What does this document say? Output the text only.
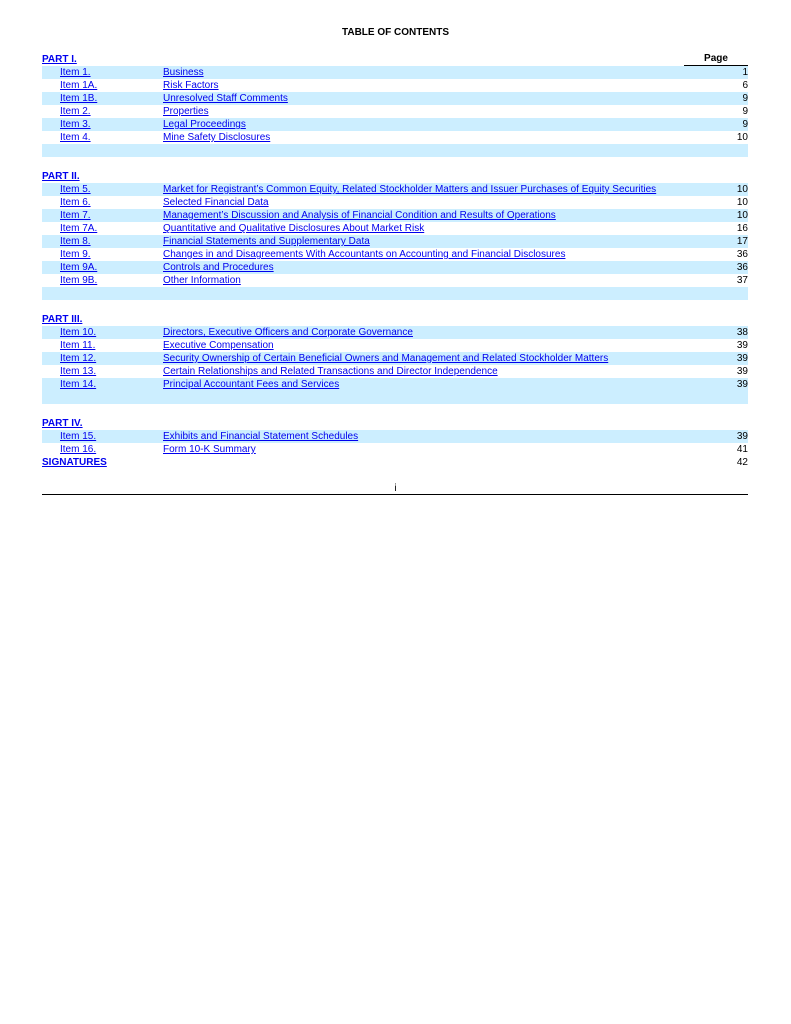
TABLE OF CONTENTS
Page
PART I.
Item 1.	Business	1
Item 1A.	Risk Factors	6
Item 1B.	Unresolved Staff Comments	9
Item 2.	Properties	9
Item 3.	Legal Proceedings	9
Item 4.	Mine Safety Disclosures	10
PART II.
Item 5.	Market for Registrant’s Common Equity, Related Stockholder Matters and Issuer Purchases of Equity Securities	10
Item 6.	Selected Financial Data	10
Item 7.	Management’s Discussion and Analysis of Financial Condition and Results of Operations	10
Item 7A.	Quantitative and Qualitative Disclosures About Market Risk	16
Item 8.	Financial Statements and Supplementary Data	17
Item 9.	Changes in and Disagreements With Accountants on Accounting and Financial Disclosures	36
Item 9A.	Controls and Procedures	36
Item 9B.	Other Information	37
PART III.
Item 10.	Directors, Executive Officers and Corporate Governance	38
Item 11.	Executive Compensation	39
Item 12.	Security Ownership of Certain Beneficial Owners and Management and Related Stockholder Matters	39
Item 13.	Certain Relationships and Related Transactions and Director Independence	39
Item 14.	Principal Accountant Fees and Services	39
PART IV.
Item 15.	Exhibits and Financial Statement Schedules	39
Item 16.	Form 10-K Summary	41
SIGNATURES	42
i
